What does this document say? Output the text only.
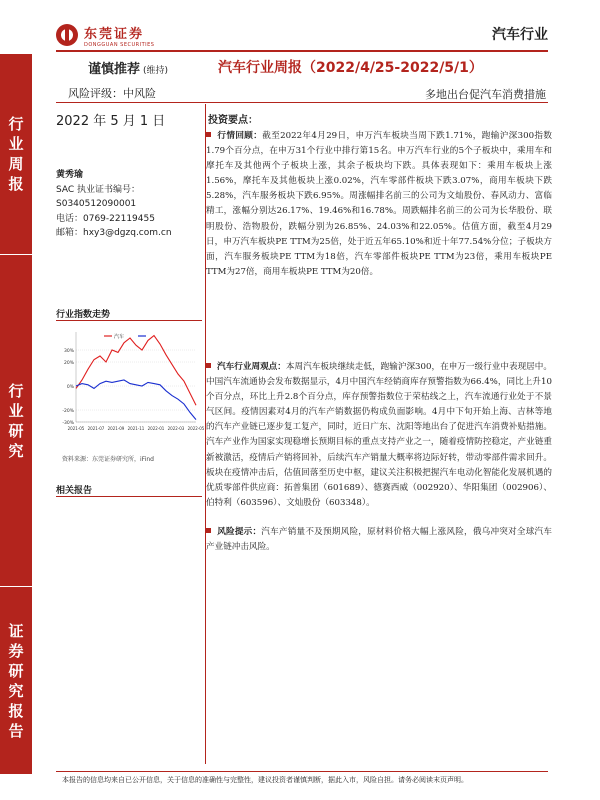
东莞证券
DONGGUAN SECURITIES
汽车行业
行
业
周
报
行
业
研
究
证
券
研
究
报
告
谨慎推荐 (维持)	汽车行业周报（2022/4/25-2022/5/1）
风险评级：中风险	多地出台促汽车消费措施
2022 年 5 月 1 日
黄秀瑜
SAC 执业证书编号：
S0340512090001
电话：0769-22119455
邮箱：hxy3@dgzq.com.cn
行业指数走势
30%
20%
0%
-20%
-30%
2021-05 2021-07 2021-09 2021-11 2022-01 2022-03 2022-05
汽车
资料来源：东莞证券研究所，iFind
相关报告
投资要点：
行情回顾：截至2022年4月29日，申万汽车板块当周下跌1.71%，跑输沪深300指数1.79个百分点，在申万31个行业中排行第15名。申万汽车行业的5个子板块中，乘用车和摩托车及其他两个子板块上涨，其余子板块均下跌。具体表现如下：乘用车板块上涨1.56%，摩托车及其他板块上涨0.02%，汽车零部件板块下跌3.07%，商用车板块下跌5.28%，汽车服务板块下跌6.95%。周涨幅排名前三的公司为文灿股份、春风动力、富临精工，涨幅分别达26.17%、19.46%和16.78%。周跌幅排名前三的公司为长华股份、联明股份、浩物股份，跌幅分别为26.85%、24.03%和22.05%。估值方面，截至4月29日，申万汽车板块PE TTM为25倍，处于近五年65.10%和近十年77.54%分位；子板块方面，汽车服务板块PE TTM为18倍，汽车零部件板块PE TTM为23倍，乘用车板块PE TTM为27倍，商用车板块PE TTM为20倍。
汽车行业周观点：本周汽车板块继续走低，跑输沪深300，在申万一级行业中表现居中。中国汽车流通协会发布数据显示，4月中国汽车经销商库存预警指数为66.4%，同比上升10个百分点，环比上升2.8个百分点，库存预警指数位于荣枯线之上，汽车流通行业处于不景气区间。疫情因素对4月的汽车产销数据仍构成负面影响。4月中下旬开始上海、吉林等地的汽车产业链已逐步复工复产，同时，近日广东、沈阳等地出台了促进汽车消费补贴措施。汽车产业作为国家实现稳增长预期目标的重点支持产业之一，随着疫情防控稳定，产业链重新被激活，疫情后产销将回补，后续汽车产销量大概率将边际好转，带动零部件需求回升。板块在疫情冲击后，估值回落至历史中枢，建议关注积极把握汽车电动化智能化发展机遇的优质零部件供应商：拓普集团（601689）、德赛西威（002920）、华阳集团（002906）、伯特利（603596）、文灿股份（603348）。
风险提示：汽车产销量不及预期风险，原材料价格大幅上涨风险，俄乌冲突对全球汽车产业链冲击风险。
本报告的信息均来自已公开信息，关于信息的准确性与完整性，建议投资者谨慎判断，据此入市，风险自担。请务必阅读末页声明。
